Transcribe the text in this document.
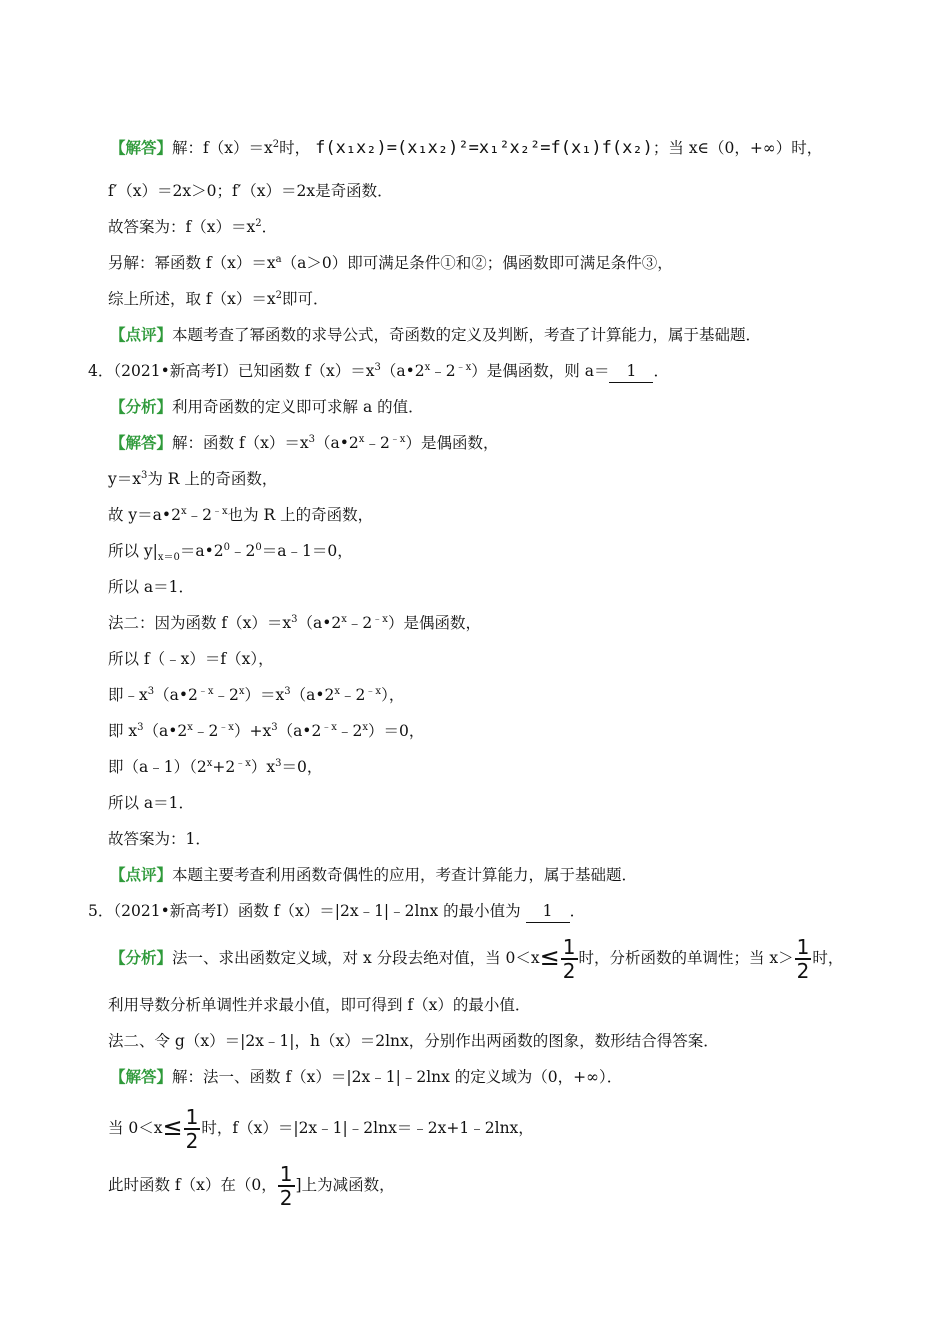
【解答】解：$f(x)=x^2$时， f(x₁x₂)=(x₁x₂)²=x₁²x₂²=f(x₁)f(x₂)；当 x∈（0，+∞）时，
f′（x）＝2x＞0；f′（x）＝2x是奇函数．
故答案为：$f(x)=x^2$．
另解：幂函数 $f(x)=x^a(a>0)$即可满足条件①和②；偶函数即可满足条件③，
综上所述，取 $f(x)=x^2$即可．
【点评】本题考查了幂函数的求导公式，奇函数的定义及判断，考查了计算能力，属于基础题．
4．（2021•新高考Ⅰ）已知函数 $f(x)=x^3(a•2^x﹣2^{﹣x})$是偶函数，则 a＝ 1 ．
【分析】利用奇函数的定义即可求解 a 的值．
【解答】解：函数 $f(x)=x^3(a•2^x﹣2^{﹣x})$是偶函数，
$y=x^3$为 R 上的奇函数，
故 $y=a•2^x﹣2^{﹣x}$也为 R 上的奇函数，
所以 $y|_{x=0}=a•2^0﹣2^0=a﹣1=0$，
所以 a＝1．
法二：因为函数 $f(x)=x^3(a•2^x﹣2^{﹣x})$是偶函数，
所以 f（﹣x）＝f（x），
即$﹣x^3(a•2^{﹣x}﹣2^x)=x^3(a•2^x﹣2^{﹣x})$，
即 $x^3(a•2^x﹣2^{﹣x})+x^3(a•2^{﹣x}﹣2^x)=0$，
即$(a﹣1)(2^x+2^{﹣x})x^3=0$，
所以 a＝1．
故答案为：1．
【点评】本题主要考查利用函数奇偶性的应用，考查计算能力，属于基础题．
5．（2021•新高考Ⅰ）函数 f（x）＝|2x﹣1|﹣2lnx 的最小值为 1 ．
【分析】法一、求出函数定义域，对 x 分段去绝对值，当 $0<x\le \frac{1}{2}$ 时，分析函数的单调性；当 $x> \frac{1}{2}$ 时，
利用导数分析单调性并求最小值，即可得到 f（x）的最小值．
法二、令 g（x）＝|2x﹣1|，h（x）＝2lnx，分别作出两函数的图象，数形结合得答案．
【解答】解：法一、函数 f（x）＝|2x﹣1|﹣2lnx 的定义域为（0，+∞）．
当 $0<x\le \frac{1}{2}$ 时，f（x）＝|2x﹣1|﹣2lnx＝﹣2x+1﹣2lnx，
此时函数 f（x）在（0， $\frac{1}{2}$ ]上为减函数，
